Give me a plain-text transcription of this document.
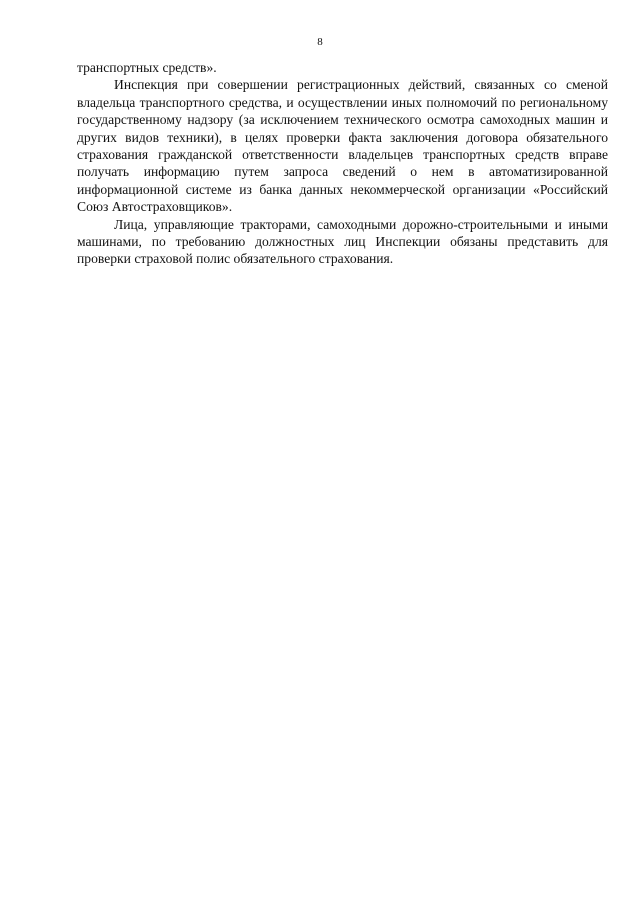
8

транспортных средств».

Инспекция при совершении регистрационных действий, связанных со сменой владельца транспортного средства, и осуществлении иных полномочий по региональному государственному надзору (за исключением технического осмотра самоходных машин и других видов техники), в целях проверки факта заключения договора обязательного страхования гражданской ответственности владельцев транспортных средств вправе получать информацию путем запроса сведений о нем в автоматизированной информационной системе из банка данных некоммерческой организации «Российский Союз Автостраховщиков».

Лица, управляющие тракторами, самоходными дорожно-строительными и иными машинами, по требованию должностных лиц Инспекции обязаны представить для проверки страховой полис обязательного страхования.
